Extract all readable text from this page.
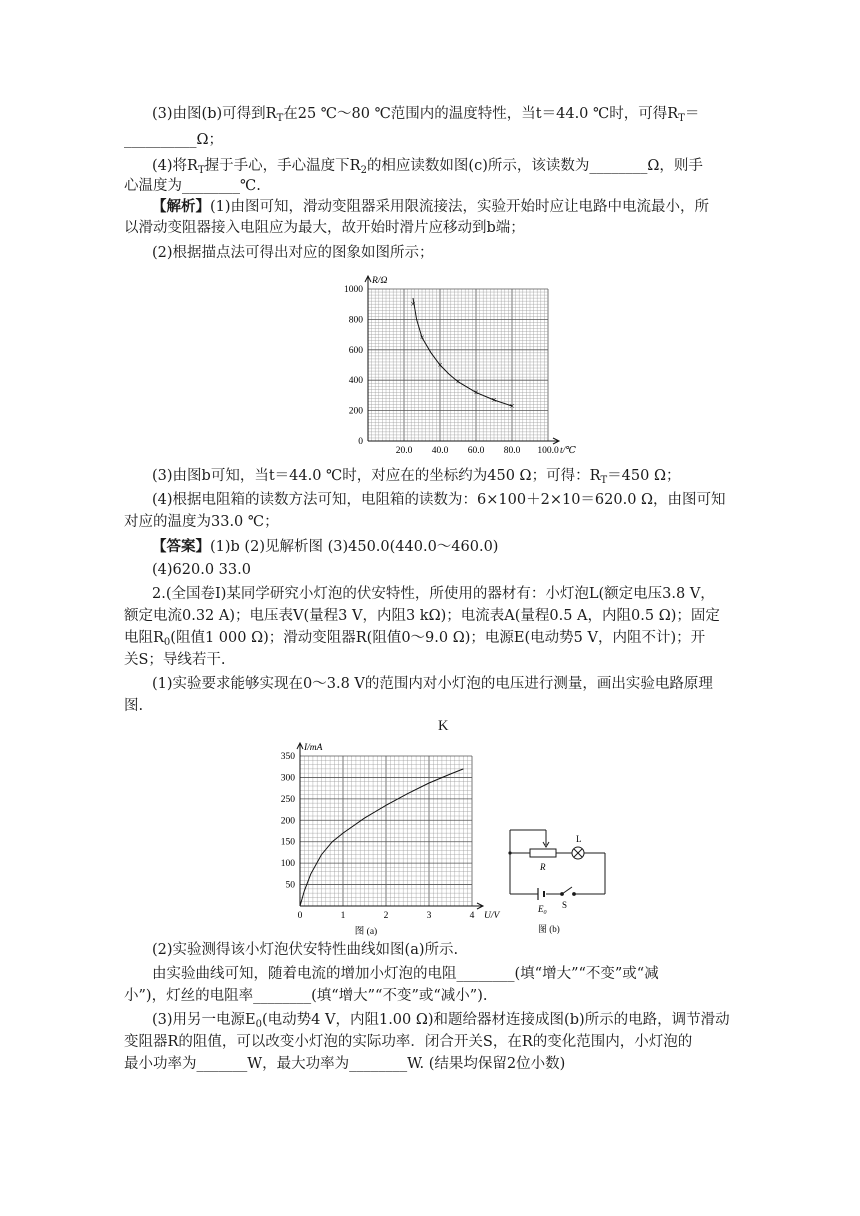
(3)由图(b)可得到$R_T$在25 ℃～80 ℃范围内的温度特性，当t＝44.0 ℃时，可得$R_T=$
__________Ω；
(4)将$R_T$握于手心，手心温度下$R_2$的相应读数如图(c)所示，该读数为________Ω，则手
心温度为________℃.
【解析】(1)由图可知，滑动变阻器采用限流接法，实验开始时应让电路中电流最小，所
以滑动变阻器接入电阻应为最大，故开始时滑片应移动到b端；
(2)根据描点法可得出对应的图象如图所示；
20.0 40.0 60.0 80.0 100.0
0
200
400
600
800
1000
t/℃
R/Ω
×
×
×
×
×
×
×
(3)由图b可知，当t＝44.0 ℃时，对应在的坐标约为450 Ω；可得：$R_T=450$ Ω；
(4)根据电阻箱的读数方法可知，电阻箱的读数为：6×100＋2×10＝620.0 Ω，由图可知
对应的温度为33.0 ℃；
【答案】(1)b (2)见解析图 (3)450.0(440.0～460.0)
(4)620.0 33.0
2.(全国卷Ⅰ)某同学研究小灯泡的伏安特性，所使用的器材有：小灯泡L(额定电压3.8 V，
额定电流0.32 A)；电压表V(量程3 V，内阻3 kΩ)；电流表A(量程0.5 A，内阻0.5 Ω)；固定
电阻$R_0$(阻值1 000 Ω)；滑动变阻器R(阻值0～9.0 Ω)；电源E(电动势5 V，内阻不计)；开
关S；导线若干.
(1)实验要求能够实现在0～3.8 V的范围内对小灯泡的电压进行测量，画出实验电路原理
图.
K
0	1	2	3	4
50
100
150
200
250
300
350
U/V
I/mA
图 (a)
R
L
$E_0$
S
图 (b)
(2)实验测得该小灯泡伏安特性曲线如图(a)所示.
由实验曲线可知，随着电流的增加小灯泡的电阻________(填“增大”“不变”或“减
小”)，灯丝的电阻率________(填“增大”“不变”或“减小”).
(3)用另一电源$E_0$(电动势4 V，内阻1.00 Ω)和题给器材连接成图(b)所示的电路，调节滑动
变阻器R的阻值，可以改变小灯泡的实际功率．闭合开关S，在R的变化范围内，小灯泡的
最小功率为_______W，最大功率为________W. (结果均保留2位小数)
